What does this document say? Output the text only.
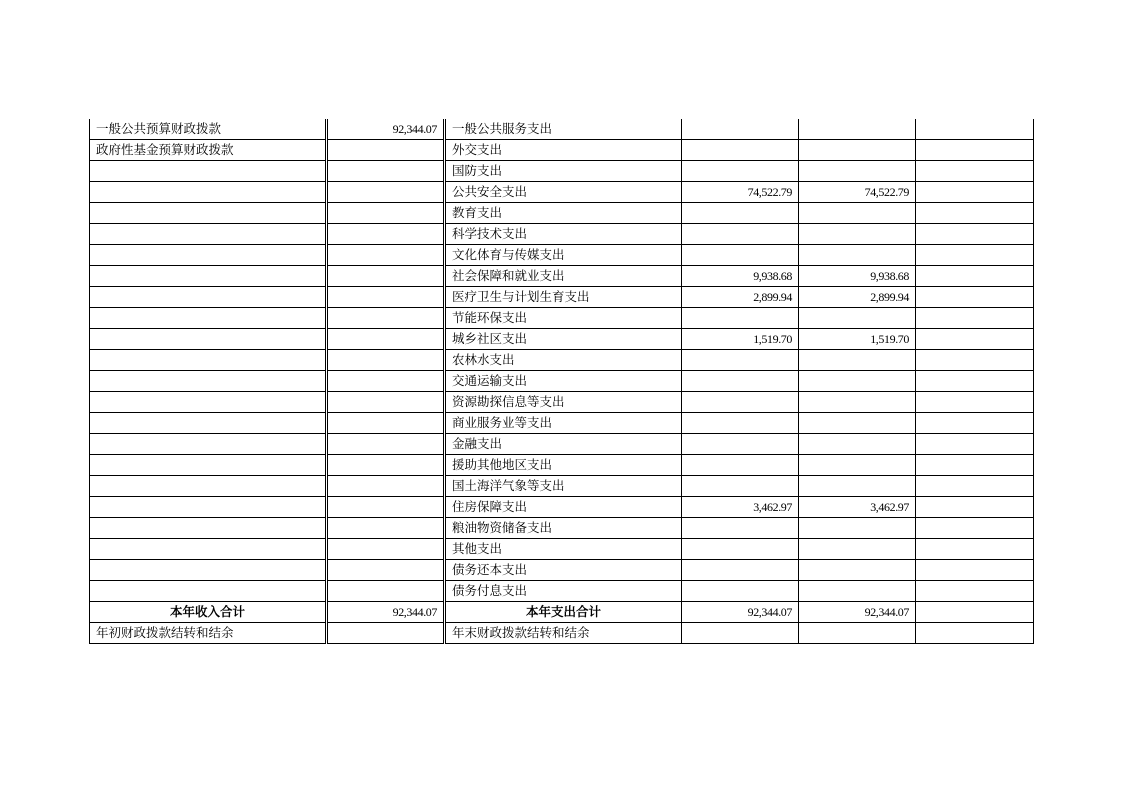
一般公共预算财政拨款	92,344.07	一般公共服务支出			
政府性基金预算财政拨款		外交支出			
		国防支出			
		公共安全支出	74,522.79	74,522.79	
		教育支出			
		科学技术支出			
		文化体育与传媒支出			
		社会保障和就业支出	9,938.68	9,938.68	
		医疗卫生与计划生育支出	2,899.94	2,899.94	
		节能环保支出			
		城乡社区支出	1,519.70	1,519.70	
		农林水支出			
		交通运输支出			
		资源勘探信息等支出			
		商业服务业等支出			
		金融支出			
		援助其他地区支出			
		国土海洋气象等支出			
		住房保障支出	3,462.97	3,462.97	
		粮油物资储备支出			
		其他支出			
		债务还本支出			
		债务付息支出			
本年收入合计	92,344.07	本年支出合计	92,344.07	92,344.07	
年初财政拨款结转和结余		年末财政拨款结转和结余			
